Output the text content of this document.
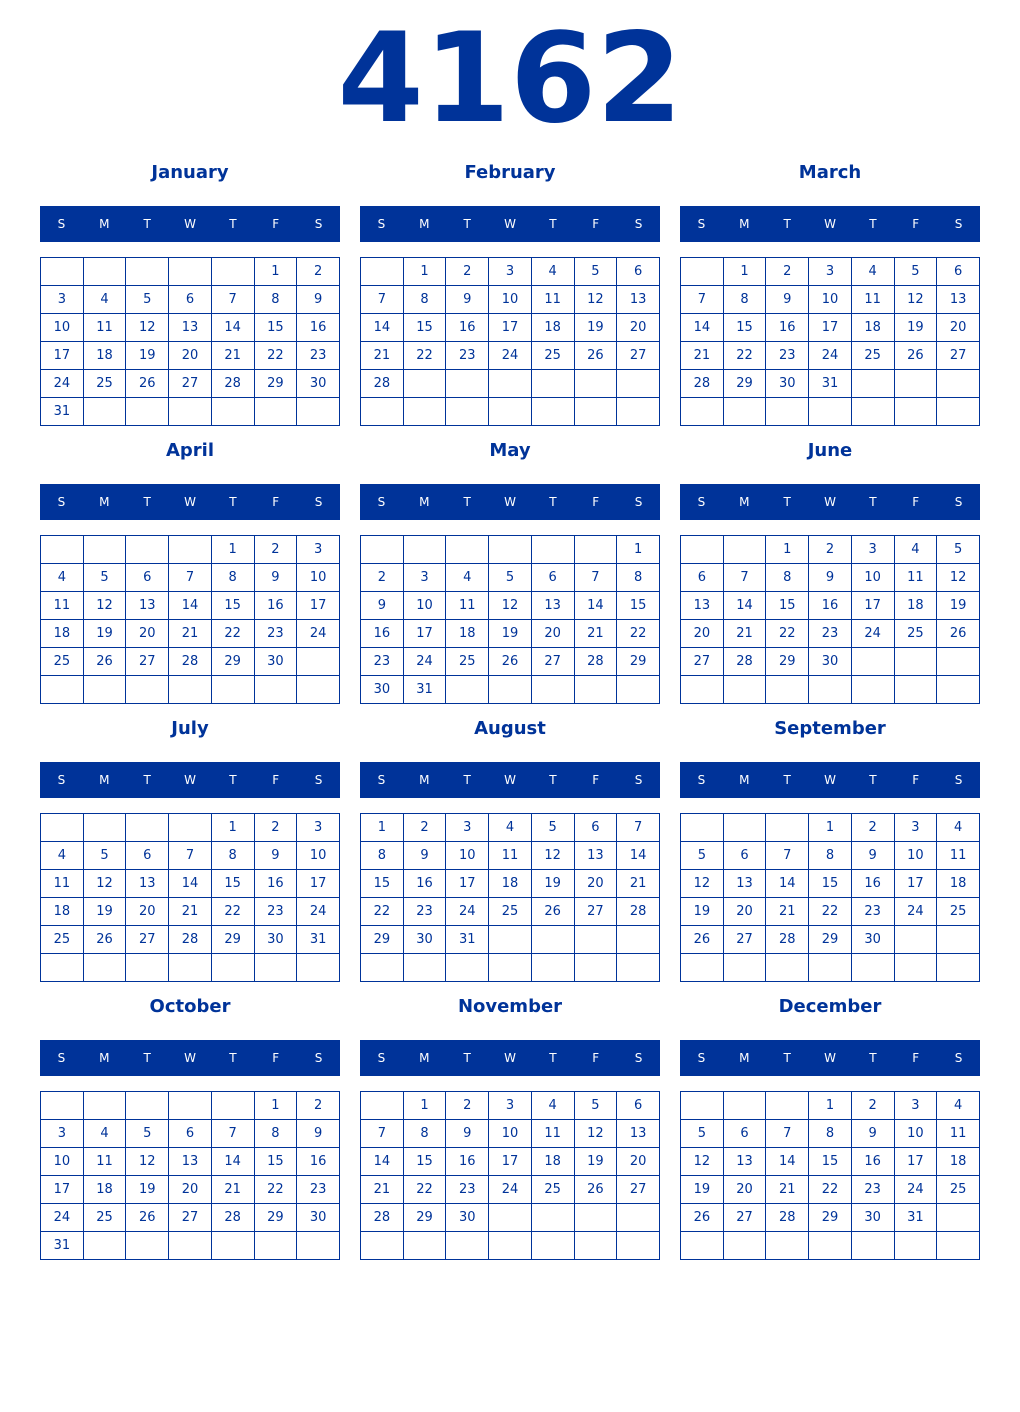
4162
January
S	M	T	W	T	F	S
					1	2
3	4	5	6	7	8	9
10	11	12	13	14	15	16
17	18	19	20	21	22	23
24	25	26	27	28	29	30
31						
February
S	M	T	W	T	F	S
	1	2	3	4	5	6
7	8	9	10	11	12	13
14	15	16	17	18	19	20
21	22	23	24	25	26	27
28						

March
S	M	T	W	T	F	S
	1	2	3	4	5	6
7	8	9	10	11	12	13
14	15	16	17	18	19	20
21	22	23	24	25	26	27
28	29	30	31			

April
S	M	T	W	T	F	S
				1	2	3
4	5	6	7	8	9	10
11	12	13	14	15	16	17
18	19	20	21	22	23	24
25	26	27	28	29	30	

May
S	M	T	W	T	F	S
						1
2	3	4	5	6	7	8
9	10	11	12	13	14	15
16	17	18	19	20	21	22
23	24	25	26	27	28	29
30	31					
June
S	M	T	W	T	F	S
		1	2	3	4	5
6	7	8	9	10	11	12
13	14	15	16	17	18	19
20	21	22	23	24	25	26
27	28	29	30			

July
S	M	T	W	T	F	S
				1	2	3
4	5	6	7	8	9	10
11	12	13	14	15	16	17
18	19	20	21	22	23	24
25	26	27	28	29	30	31

August
S	M	T	W	T	F	S
1	2	3	4	5	6	7
8	9	10	11	12	13	14
15	16	17	18	19	20	21
22	23	24	25	26	27	28
29	30	31				

September
S	M	T	W	T	F	S
			1	2	3	4
5	6	7	8	9	10	11
12	13	14	15	16	17	18
19	20	21	22	23	24	25
26	27	28	29	30		

October
S	M	T	W	T	F	S
					1	2
3	4	5	6	7	8	9
10	11	12	13	14	15	16
17	18	19	20	21	22	23
24	25	26	27	28	29	30
31						
November
S	M	T	W	T	F	S
	1	2	3	4	5	6
7	8	9	10	11	12	13
14	15	16	17	18	19	20
21	22	23	24	25	26	27
28	29	30				

December
S	M	T	W	T	F	S
			1	2	3	4
5	6	7	8	9	10	11
12	13	14	15	16	17	18
19	20	21	22	23	24	25
26	27	28	29	30	31	
